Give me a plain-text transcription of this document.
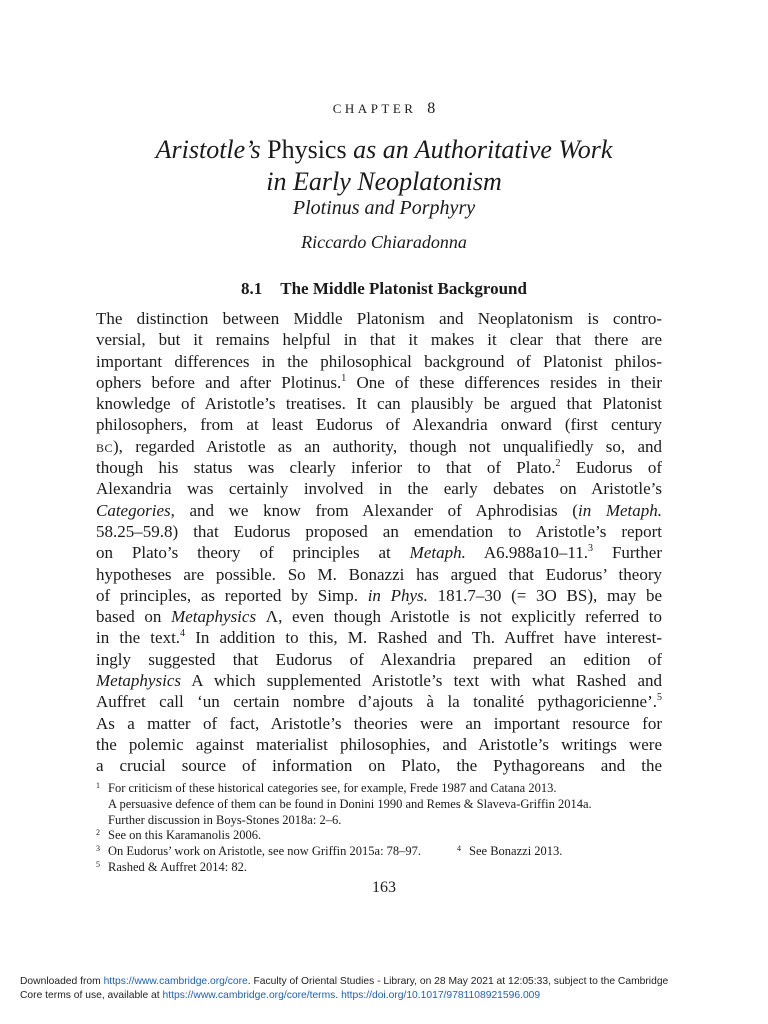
CHAPTER 8
Aristotle’s Physics as an Authoritative Work
in Early Neoplatonism
Plotinus and Porphyry
Riccardo Chiaradonna
8.1 The Middle Platonist Background
The distinction between Middle Platonism and Neoplatonism is contro-
versial, but it remains helpful in that it makes it clear that there are
important differences in the philosophical background of Platonist philos-
ophers before and after Plotinus.$^1$ One of these differences resides in their
knowledge of Aristotle’s treatises. It can plausibly be argued that Platonist
philosophers, from at least Eudorus of Alexandria onward (first century
BC), regarded Aristotle as an authority, though not unqualifiedly so, and
though his status was clearly inferior to that of Plato.$^2$ Eudorus of
Alexandria was certainly involved in the early debates on Aristotle’s
Categories, and we know from Alexander of Aphrodisias (in Metaph.
58.25–59.8) that Eudorus proposed an emendation to Aristotle’s report
on Plato’s theory of principles at Metaph. A6.988a10–11.$^3$ Further
hypotheses are possible. So M. Bonazzi has argued that Eudorus’ theory
of principles, as reported by Simp. in Phys. 181.7–30 (= 3O BS), may be
based on Metaphysics Λ, even though Aristotle is not explicitly referred to
in the text.$^4$ In addition to this, M. Rashed and Th. Auffret have interest-
ingly suggested that Eudorus of Alexandria prepared an edition of
Metaphysics A which supplemented Aristotle’s text with what Rashed and
Auffret call ‘un certain nombre d’ajouts à la tonalité pythagoricienne’.$^5$
As a matter of fact, Aristotle’s theories were an important resource for
the polemic against materialist philosophies, and Aristotle’s writings were
a crucial source of information on Plato, the Pythagoreans and the
1 For criticism of these historical categories see, for example, Frede 1987 and Catana 2013.
A persuasive defence of them can be found in Donini 1990 and Remes & Slaveva-Griffin 2014a.
Further discussion in Boys-Stones 2018a: 2–6.
2 See on this Karamanolis 2006.
3 On Eudorus’ work on Aristotle, see now Griffin 2015a: 78–97.	4 See Bonazzi 2013.
5 Rashed & Auffret 2014: 82.
163
Downloaded from https://www.cambridge.org/core. Faculty of Oriental Studies - Library, on 28 May 2021 at 12:05:33, subject to the Cambridge
Core terms of use, available at https://www.cambridge.org/core/terms. https://doi.org/10.1017/9781108921596.009
